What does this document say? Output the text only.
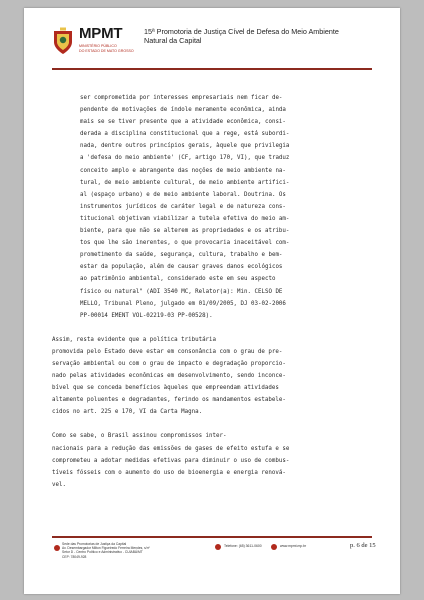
MPMT
MINISTÉRIO PÚBLICO
DO ESTADO DE MATO GROSSO
15ª Promotoria de Justiça Cível de Defesa do Meio Ambiente
Natural da Capital

ser comprometida por interesses empresariais nem ficar de-

pendente de motivações de índole meramente econômica, ainda

mais se se tiver presente que a atividade econômica, consi-

derada a disciplina constitucional que a rege, está subordi-

nada, dentre outros princípios gerais, àquele que privilegia

a 'defesa do meio ambiente' (CF, artigo 170, VI), que traduz

conceito amplo e abrangente das noções de meio ambiente na-

tural, de meio ambiente cultural, de meio ambiente artifici-

al (espaço urbano) e de meio ambiente laboral. Doutrina. Os

instrumentos jurídicos de caráter legal e de natureza cons-

titucional objetivam viabilizar a tutela efetiva do meio am-

biente, para que não se alterem as propriedades e os atribu-

tos que lhe são inerentes, o que provocaria inaceitável com-

prometimento da saúde, segurança, cultura, trabalho e bem-

estar da população, além de causar graves danos ecológicos

ao patrimônio ambiental, considerado este em seu aspecto

físico ou natural" (ADI 3540 MC, Relator(a): Min. CELSO DE

MELLO, Tribunal Pleno, julgado em 01/09/2005, DJ 03-02-2006

PP-00014 EMENT VOL-02219-03 PP-00528).

Assim, resta evidente que a política tributária

promovida pelo Estado deve estar em consonância com o grau de pre-

servação ambiental ou com o grau de impacto e degradação proporcio-

nado pelas atividades econômicas em desenvolvimento, sendo inconce-

bível que se conceda benefícios àqueles que empreendam atividades

altamente poluentes e degradantes, ferindo os mandamentos estabele-

cidos no art. 225 e 170, VI da Carta Magna.

Como se sabe, o Brasil assinou compromissos inter-

nacionais para a redução das emissões de gases de efeito estufa e se

comprometeu a adotar medidas efetivas para diminuir o uso de combus-

tíveis fósseis com o aumento do uso de bioenergia e energia renová-

vel.

Sede das Promotorias de Justiça da Capital
Av. Desembargador Milton Figueiredo Ferreira Mendes, s/nº
Setor D - Centro Político e Administrativo - CUIABÁ/MT
CEP: 78049-928
Telefone: (65) 3611-0600	www.mpmt.mp.br	p. 6 de 15
